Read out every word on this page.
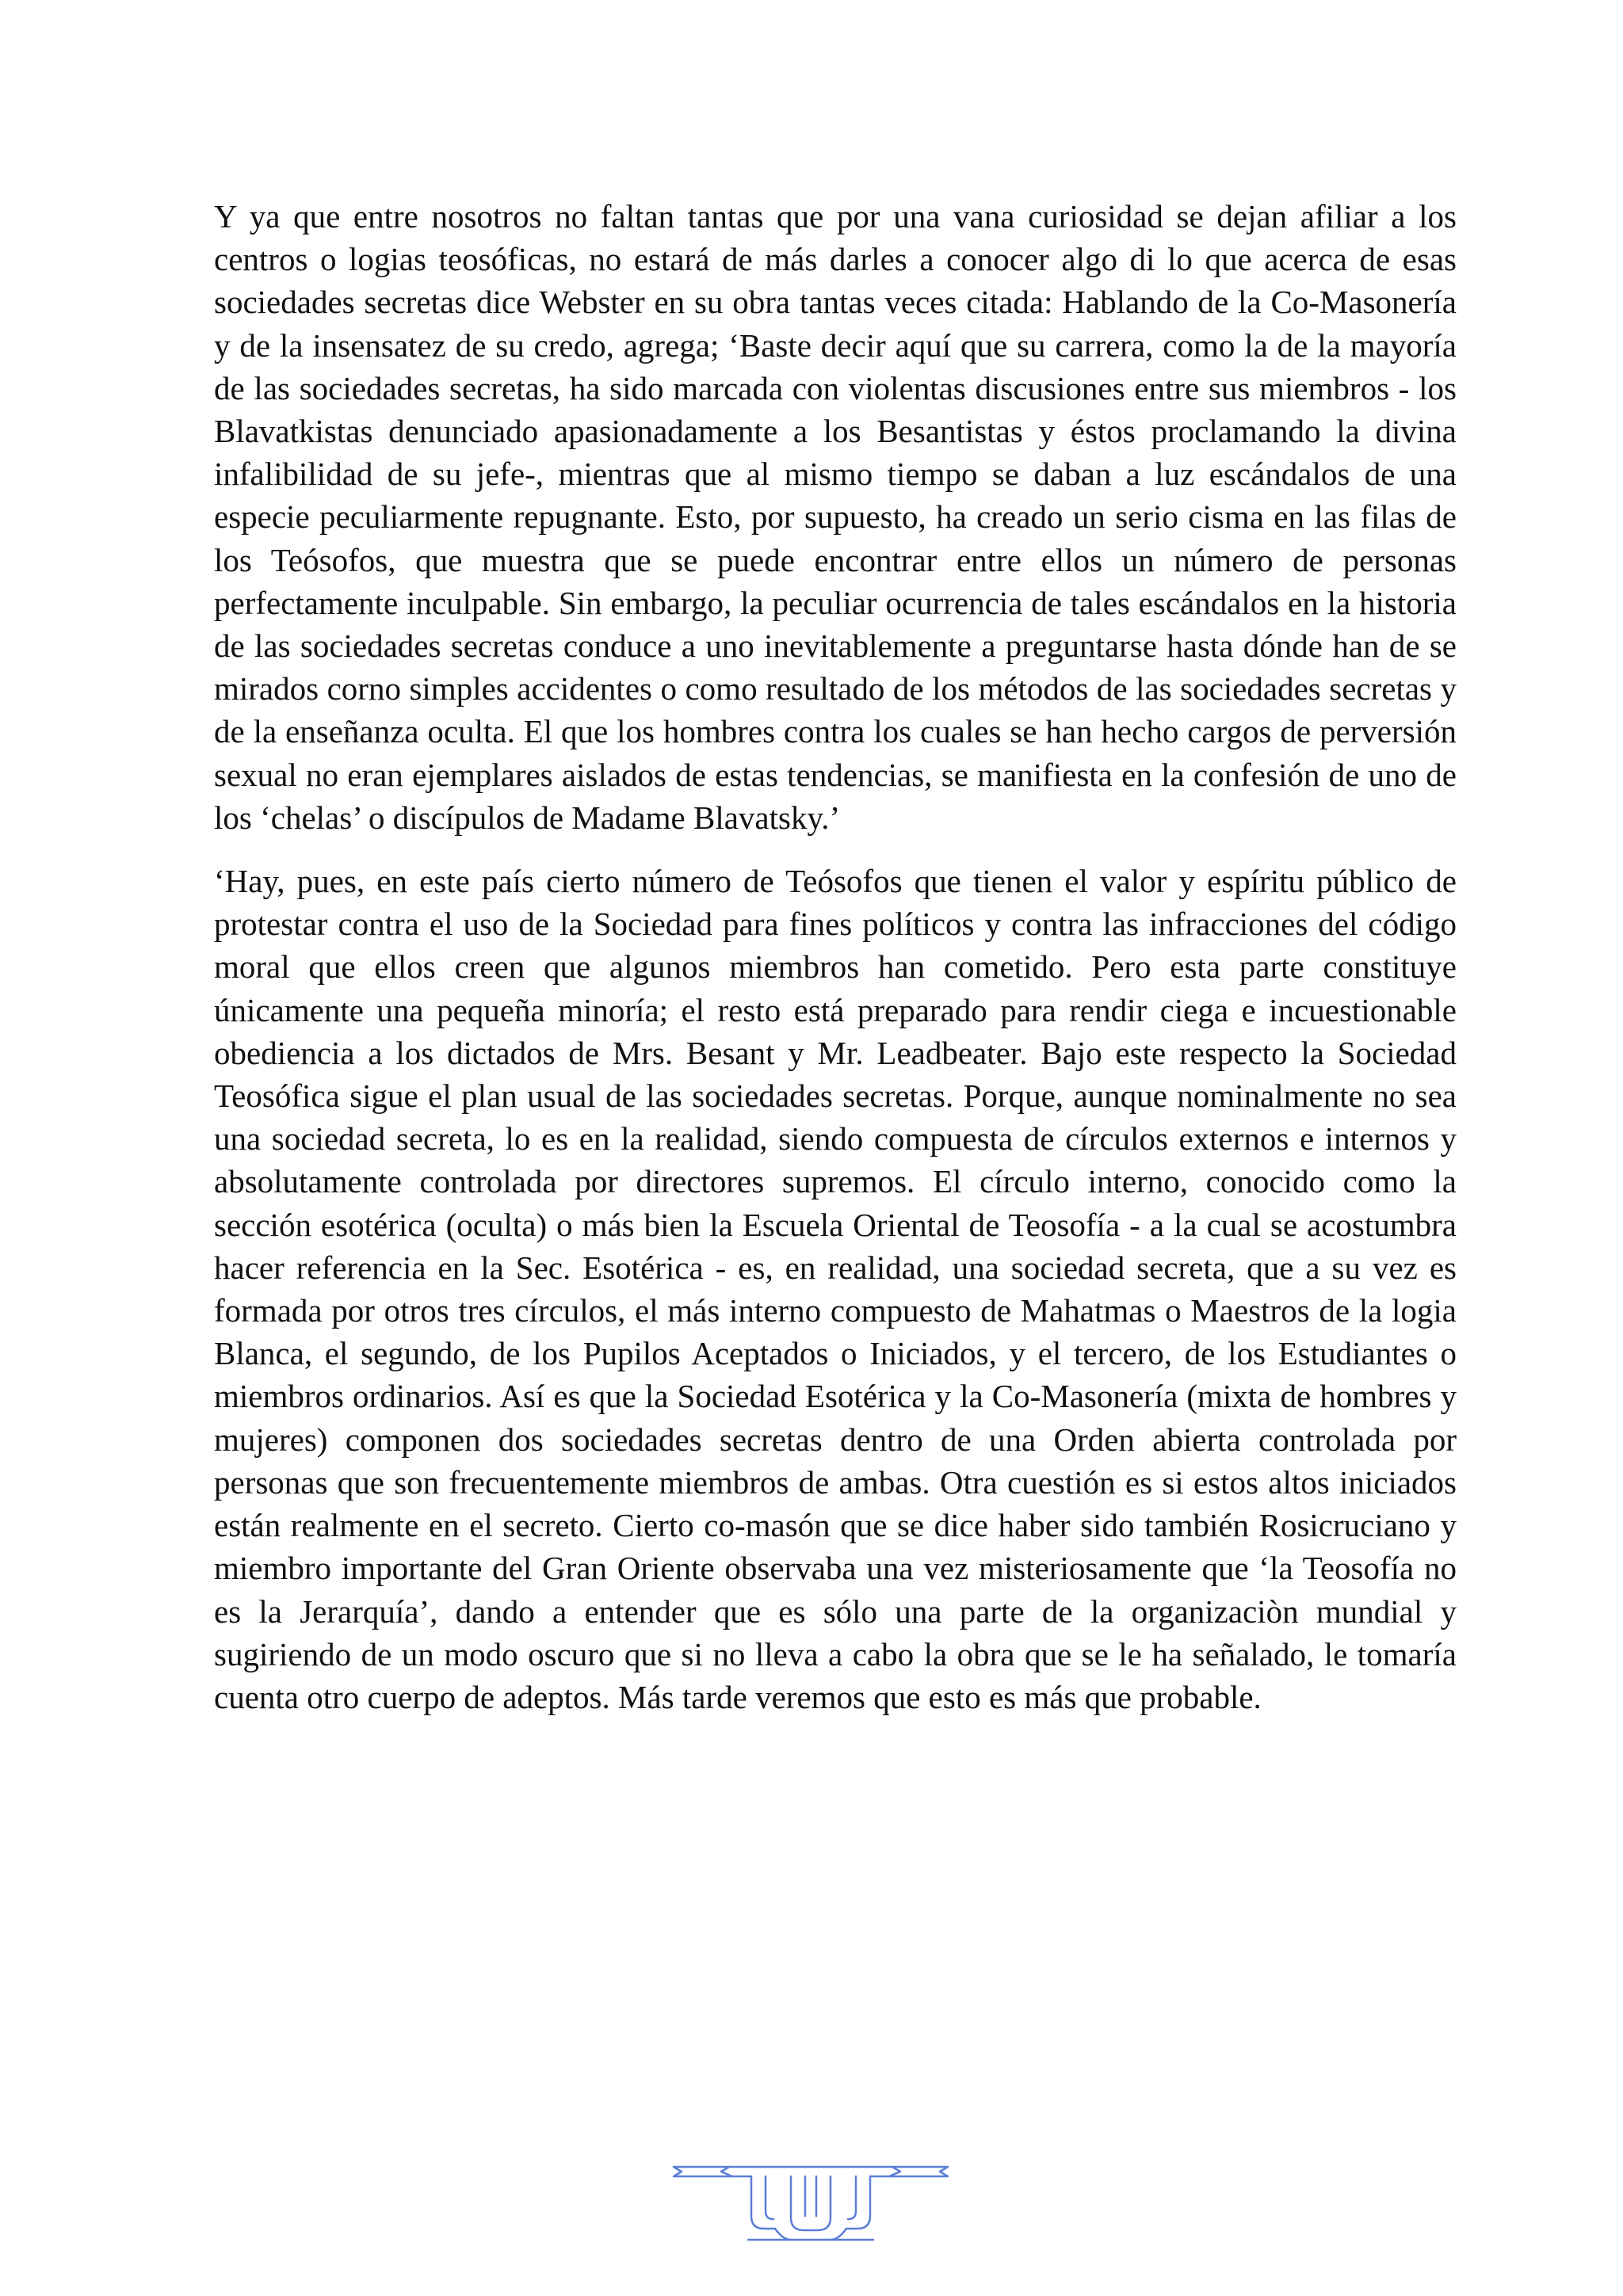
Y ya que entre nosotros no faltan tantas que por una vana curiosidad se dejan afiliar a los centros o logias teosóficas, no estará de más darles a conocer algo di lo que acerca de esas sociedades secretas dice Webster en su obra tantas veces citada: Hablando de la Co-Masonería y de la insensatez de su credo, agrega; ‘Baste decir aquí que su carrera, como la de la mayoría de las sociedades secretas, ha sido marcada con violentas discusiones entre sus miembros - los Blavatkistas denunciado apasionadamente a los Besantistas y éstos proclamando la divina infalibilidad de su jefe-, mientras que al mismo tiempo se daban a luz escándalos de una especie peculiarmente repugnante. Esto, por supuesto, ha creado un serio cisma en las filas de los Teósofos, que muestra que se puede encontrar entre ellos un número de personas perfectamente inculpable. Sin embargo, la peculiar ocurrencia de tales escándalos en la historia de las sociedades secretas conduce a uno inevitablemente a preguntarse hasta dónde han de se mirados corno simples accidentes o como resultado de los métodos de las sociedades secretas y de la enseñanza oculta. El que los hombres contra los cuales se han hecho cargos de perversión sexual no eran ejemplares aislados de estas tendencias, se manifiesta en la confesión de uno de los ‘chelas’ o discípulos de Madame Blavatsky.’

‘Hay, pues, en este país cierto número de Teósofos que tienen el valor y espíritu público de protestar contra el uso de la Sociedad para fines políticos y contra las infracciones del código moral que ellos creen que algunos miembros han cometido. Pero esta parte constituye únicamente una pequeña minoría; el resto está preparado para rendir ciega e incuestionable obediencia a los dictados de Mrs. Besant y Mr. Leadbeater. Bajo este respecto la Sociedad Teosófica sigue el plan usual de las sociedades secretas. Porque, aunque nominalmente no sea una sociedad secreta, lo es en la realidad, siendo compuesta de círculos externos e internos y absolutamente controlada por directores supremos. El círculo interno, conocido como la sección esotérica (oculta) o más bien la Escuela Oriental de Teosofía - a la cual se acostumbra hacer referencia en la Sec. Esotérica - es, en realidad, una sociedad secreta, que a su vez es formada por otros tres círculos, el más interno compuesto de Mahatmas o Maestros de la logia Blanca, el segundo, de los Pupilos Aceptados o Iniciados, y el tercero, de los Estudiantes o miembros ordinarios. Así es que la Sociedad Esotérica y la Co-Masonería (mixta de hombres y mujeres) componen dos sociedades secretas dentro de una Orden abierta controlada por personas que son frecuentemente miembros de ambas. Otra cuestión es si estos altos iniciados están realmente en el secreto. Cierto co-masón que se dice haber sido también Rosicruciano y miembro importante del Gran Oriente observaba una vez misteriosamente que ‘la Teosofía no es la Jerarquía’, dando a entender que es sólo una parte de la organizaciòn mundial y sugiriendo de un modo oscuro que si no lleva a cabo la obra que se le ha señalado, le tomaría cuenta otro cuerpo de adeptos. Más tarde veremos que esto es más que probable.
